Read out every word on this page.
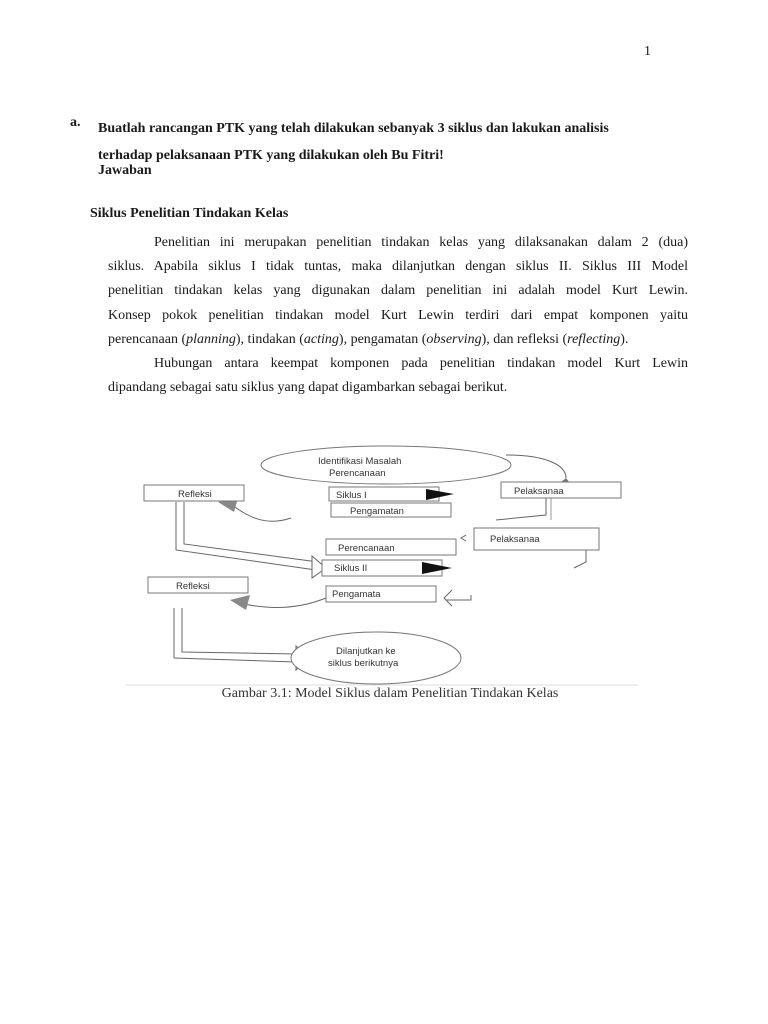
1
a. Buatlah rancangan PTK yang telah dilakukan sebanyak 3 siklus dan lakukan analisis
terhadap pelaksanaan PTK yang dilakukan oleh Bu Fitri!
Jawaban
Siklus Penelitian Tindakan Kelas
Penelitian ini merupakan penelitian tindakan kelas yang dilaksanakan dalam 2 (dua)
siklus. Apabila siklus I tidak tuntas, maka dilanjutkan dengan siklus II. Siklus III Model
penelitian tindakan kelas yang digunakan dalam penelitian ini adalah model Kurt Lewin.
Konsep pokok penelitian tindakan model Kurt Lewin terdiri dari empat komponen yaitu
perencanaan (planning), tindakan (acting), pengamatan (observing), dan refleksi (reflecting).
Hubungan antara keempat komponen pada penelitian tindakan model Kurt Lewin
dipandang sebagai satu siklus yang dapat digambarkan sebagai berikut.
Identifikasi Masalah
Perencanaan
Refleksi	Siklus I
Pengamatan
Pelaksanaa
Perencanaan
Pelaksanaa
Siklus II
Refleksi
Pengamata
Dilanjutkan ke
siklus berikutnya
Gambar 3.1: Model Siklus dalam Penelitian Tindakan Kelas
